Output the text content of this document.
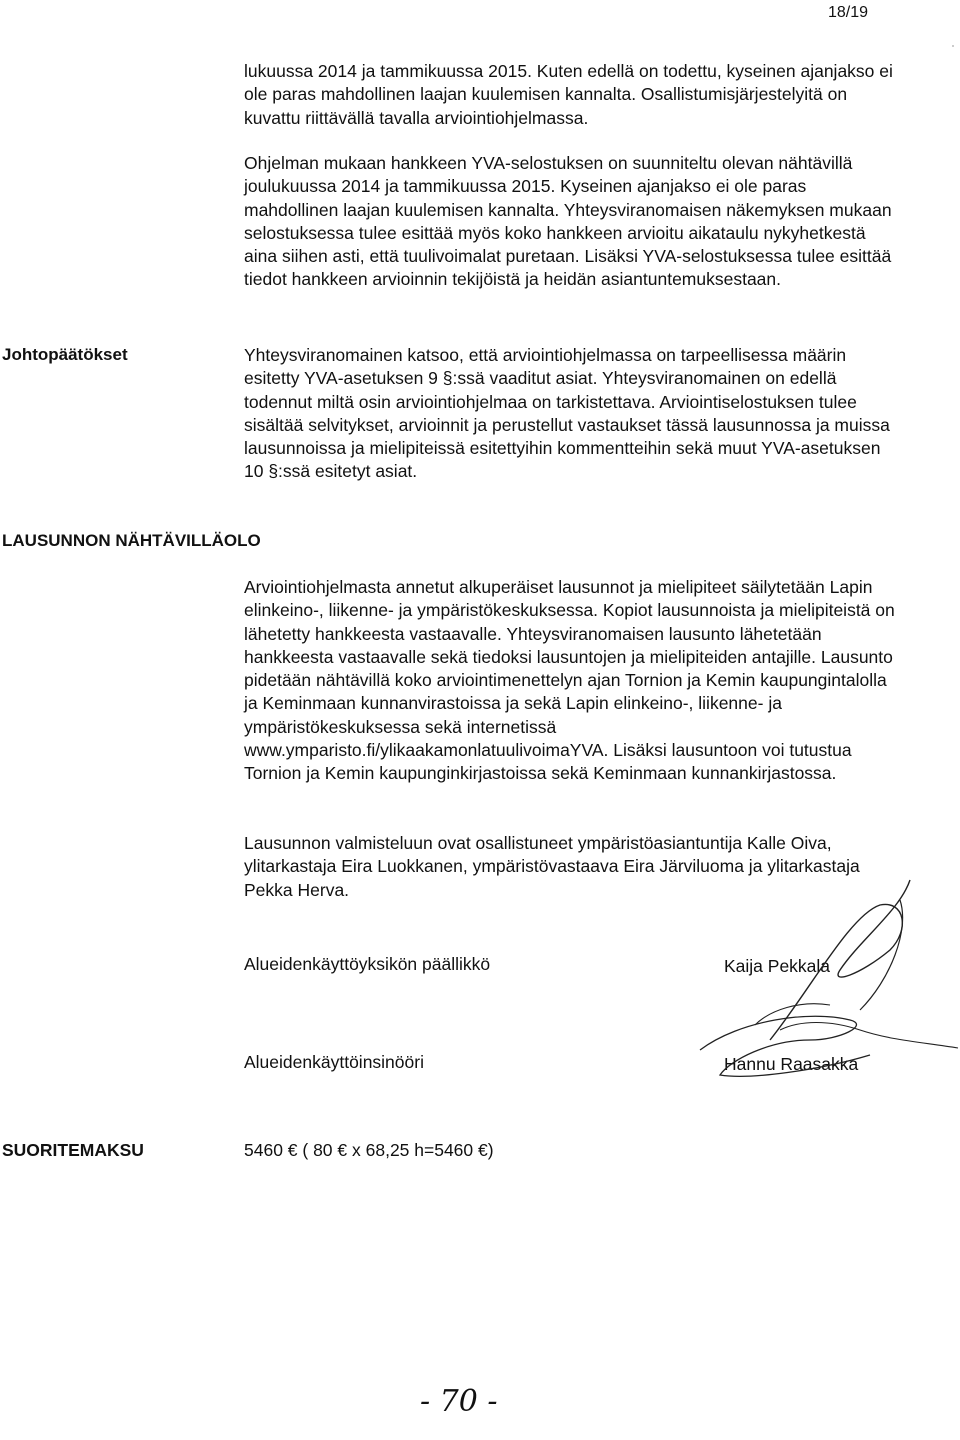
18/19

lukuussa 2014 ja tammikuussa 2015. Kuten edellä on todettu, kyseinen ajanjakso ei ole paras mahdollinen laajan kuulemisen kannalta. Osallistumisjärjestelyitä on kuvattu riittävällä tavalla arviointiohjelmassa.

Ohjelman mukaan hankkeen YVA-selostuksen on suunniteltu olevan nähtävillä joulukuussa 2014 ja tammikuussa 2015. Kyseinen ajanjakso ei ole paras mahdollinen laajan kuulemisen kannalta. Yhteysviranomaisen näkemyksen mukaan selostuksessa tulee esittää myös koko hankkeen arvioitu aikataulu nykyhetkestä aina siihen asti, että tuulivoimalat puretaan. Lisäksi YVA-selostuksessa tulee esittää tiedot hankkeen arvioinnin tekijöistä ja heidän asiantuntemuksestaan.

Johtopäätökset	Yhteysviranomainen katsoo, että arviointiohjelmassa on tarpeellisessa määrin esitetty YVA-asetuksen 9 §:ssä vaaditut asiat. Yhteysviranomainen on edellä todennut miltä osin arviointiohjelmaa on tarkistettava. Arviointiselostuksen tulee sisältää selvitykset, arvioinnit ja perustellut vastaukset tässä lausunnossa ja muissa lausunnoissa ja mielipiteissä esitettyihin kommentteihin sekä muut YVA-asetuksen 10 §:ssä esitetyt asiat.

LAUSUNNON NÄHTÄVILLÄOLO

Arviointiohjelmasta annetut alkuperäiset lausunnot ja mielipiteet säilytetään Lapin elinkeino-, liikenne- ja ympäristökeskuksessa. Kopiot lausunnoista ja mielipiteistä on lähetetty hankkeesta vastaavalle. Yhteysviranomaisen lausunto lähetetään hankkeesta vastaavalle sekä tiedoksi lausuntojen ja mielipiteiden antajille. Lausunto pidetään nähtävillä koko arviointimenettelyn ajan Tornion ja Kemin kaupungintalolla ja Keminmaan kunnanvirastoissa ja sekä Lapin elinkeino-, liikenne- ja ympäristökeskuksessa sekä internetissä www.ymparisto.fi/ylikaakamonlatuulivoimaYVA. Lisäksi lausuntoon voi tutustua Tornion ja Kemin kaupunginkirjastoissa sekä Keminmaan kunnankirjastossa.

Lausunnon valmisteluun ovat osallistuneet ympäristöasiantuntija Kalle Oiva, ylitarkastaja Eira Luokkanen, ympäristövastaava Eira Järviluoma ja ylitarkastaja Pekka Herva.

Alueidenkäyttöyksikön päällikkö	Kaija Pekkala
Alueidenkäyttöinsinööri	Hannu Raasakka
SUORITEMAKSU	5460 € ( 80 € x 68,25 h=5460 €)
- 70 -
